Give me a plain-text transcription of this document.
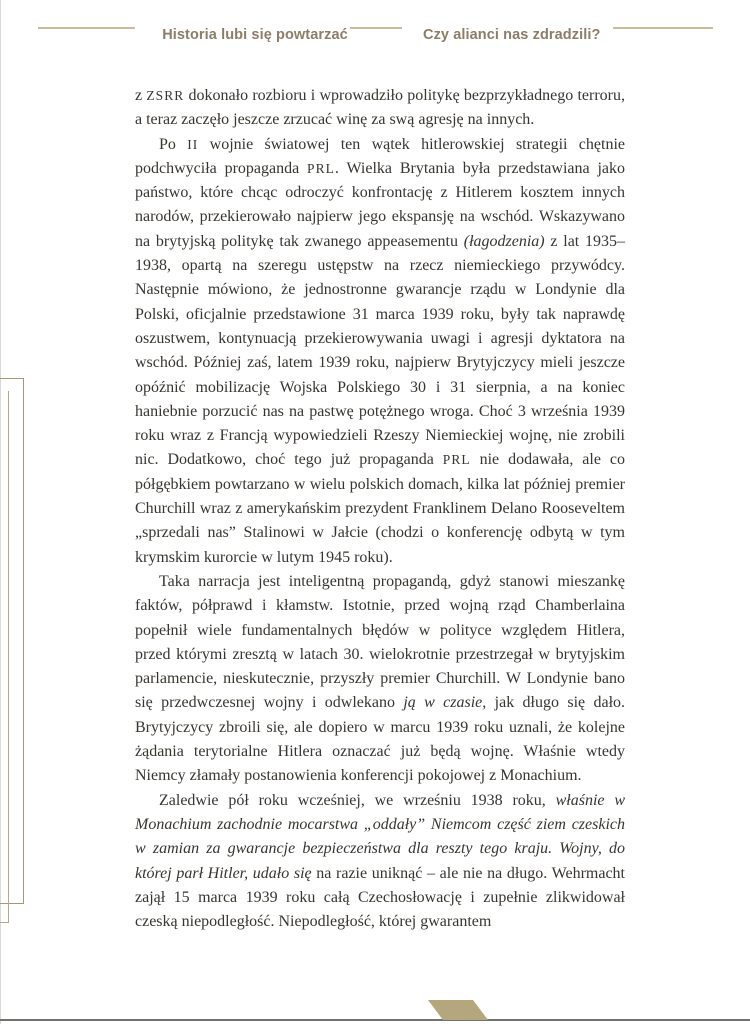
Historia lubi się powtarzać	Czy alianci nas zdradzili?

z ZSRR dokonało rozbioru i wprowadziło politykę bezprzykładnego terroru, a teraz zaczęło jeszcze zrzucać winę za swą agresję na innych.

Po II wojnie światowej ten wątek hitlerowskiej strategii chętnie podchwyciła propaganda PRL. Wielka Brytania była przedstawiana jako państwo, które chcąc odroczyć konfrontację z Hitlerem kosztem innych narodów, przekierowało najpierw jego ekspansję na wschód. Wskazywano na brytyjską politykę tak zwanego appeasementu (łagodzenia) z lat 1935–1938, opartą na szeregu ustępstw na rzecz niemieckiego przywódcy. Następnie mówiono, że jednostronne gwarancje rządu w Londynie dla Polski, oficjalnie przedstawione 31 marca 1939 roku, były tak naprawdę oszustwem, kontynuacją przekierowywania uwagi i agresji dyktatora na wschód. Później zaś, latem 1939 roku, najpierw Brytyjczycy mieli jeszcze opóźnić mobilizację Wojska Polskiego 30 i 31 sierpnia, a na koniec haniebnie porzucić nas na pastwę potężnego wroga. Choć 3 września 1939 roku wraz z Francją wypowiedzieli Rzeszy Niemieckiej wojnę, nie zrobili nic. Dodatkowo, choć tego już propaganda PRL nie dodawała, ale co półgębkiem powtarzano w wielu polskich domach, kilka lat później premier Churchill wraz z amerykańskim prezydent Franklinem Delano Rooseveltem „sprzedali nas” Stalinowi w Jałcie (chodzi o konferencję odbytą w tym krymskim kurorcie w lutym 1945 roku).

Taka narracja jest inteligentną propagandą, gdyż stanowi mieszankę faktów, półprawd i kłamstw. Istotnie, przed wojną rząd Chamberlaina popełnił wiele fundamentalnych błędów w polityce względem Hitlera, przed którymi zresztą w latach 30. wielokrotnie przestrzegał w brytyjskim parlamencie, nieskutecznie, przyszły premier Churchill. W Londynie bano się przedwczesnej wojny i odwlekano ją w czasie, jak długo się dało. Brytyjczycy zbroili się, ale dopiero w marcu 1939 roku uznali, że kolejne żądania terytorialne Hitlera oznaczać już będą wojnę. Właśnie wtedy Niemcy złamały postanowienia konferencji pokojowej z Monachium.

Zaledwie pół roku wcześniej, we wrześniu 1938 roku, właśnie w Monachium zachodnie mocarstwa „oddały” Niemcom część ziem czeskich w zamian za gwarancje bezpieczeństwa dla reszty tego kraju. Wojny, do której parł Hitler, udało się na razie uniknąć – ale nie na długo. Wehrmacht zajął 15 marca 1939 roku całą Czechosłowację i zupełnie zlikwidował czeską niepodległość. Niepodległość, której gwarantem
